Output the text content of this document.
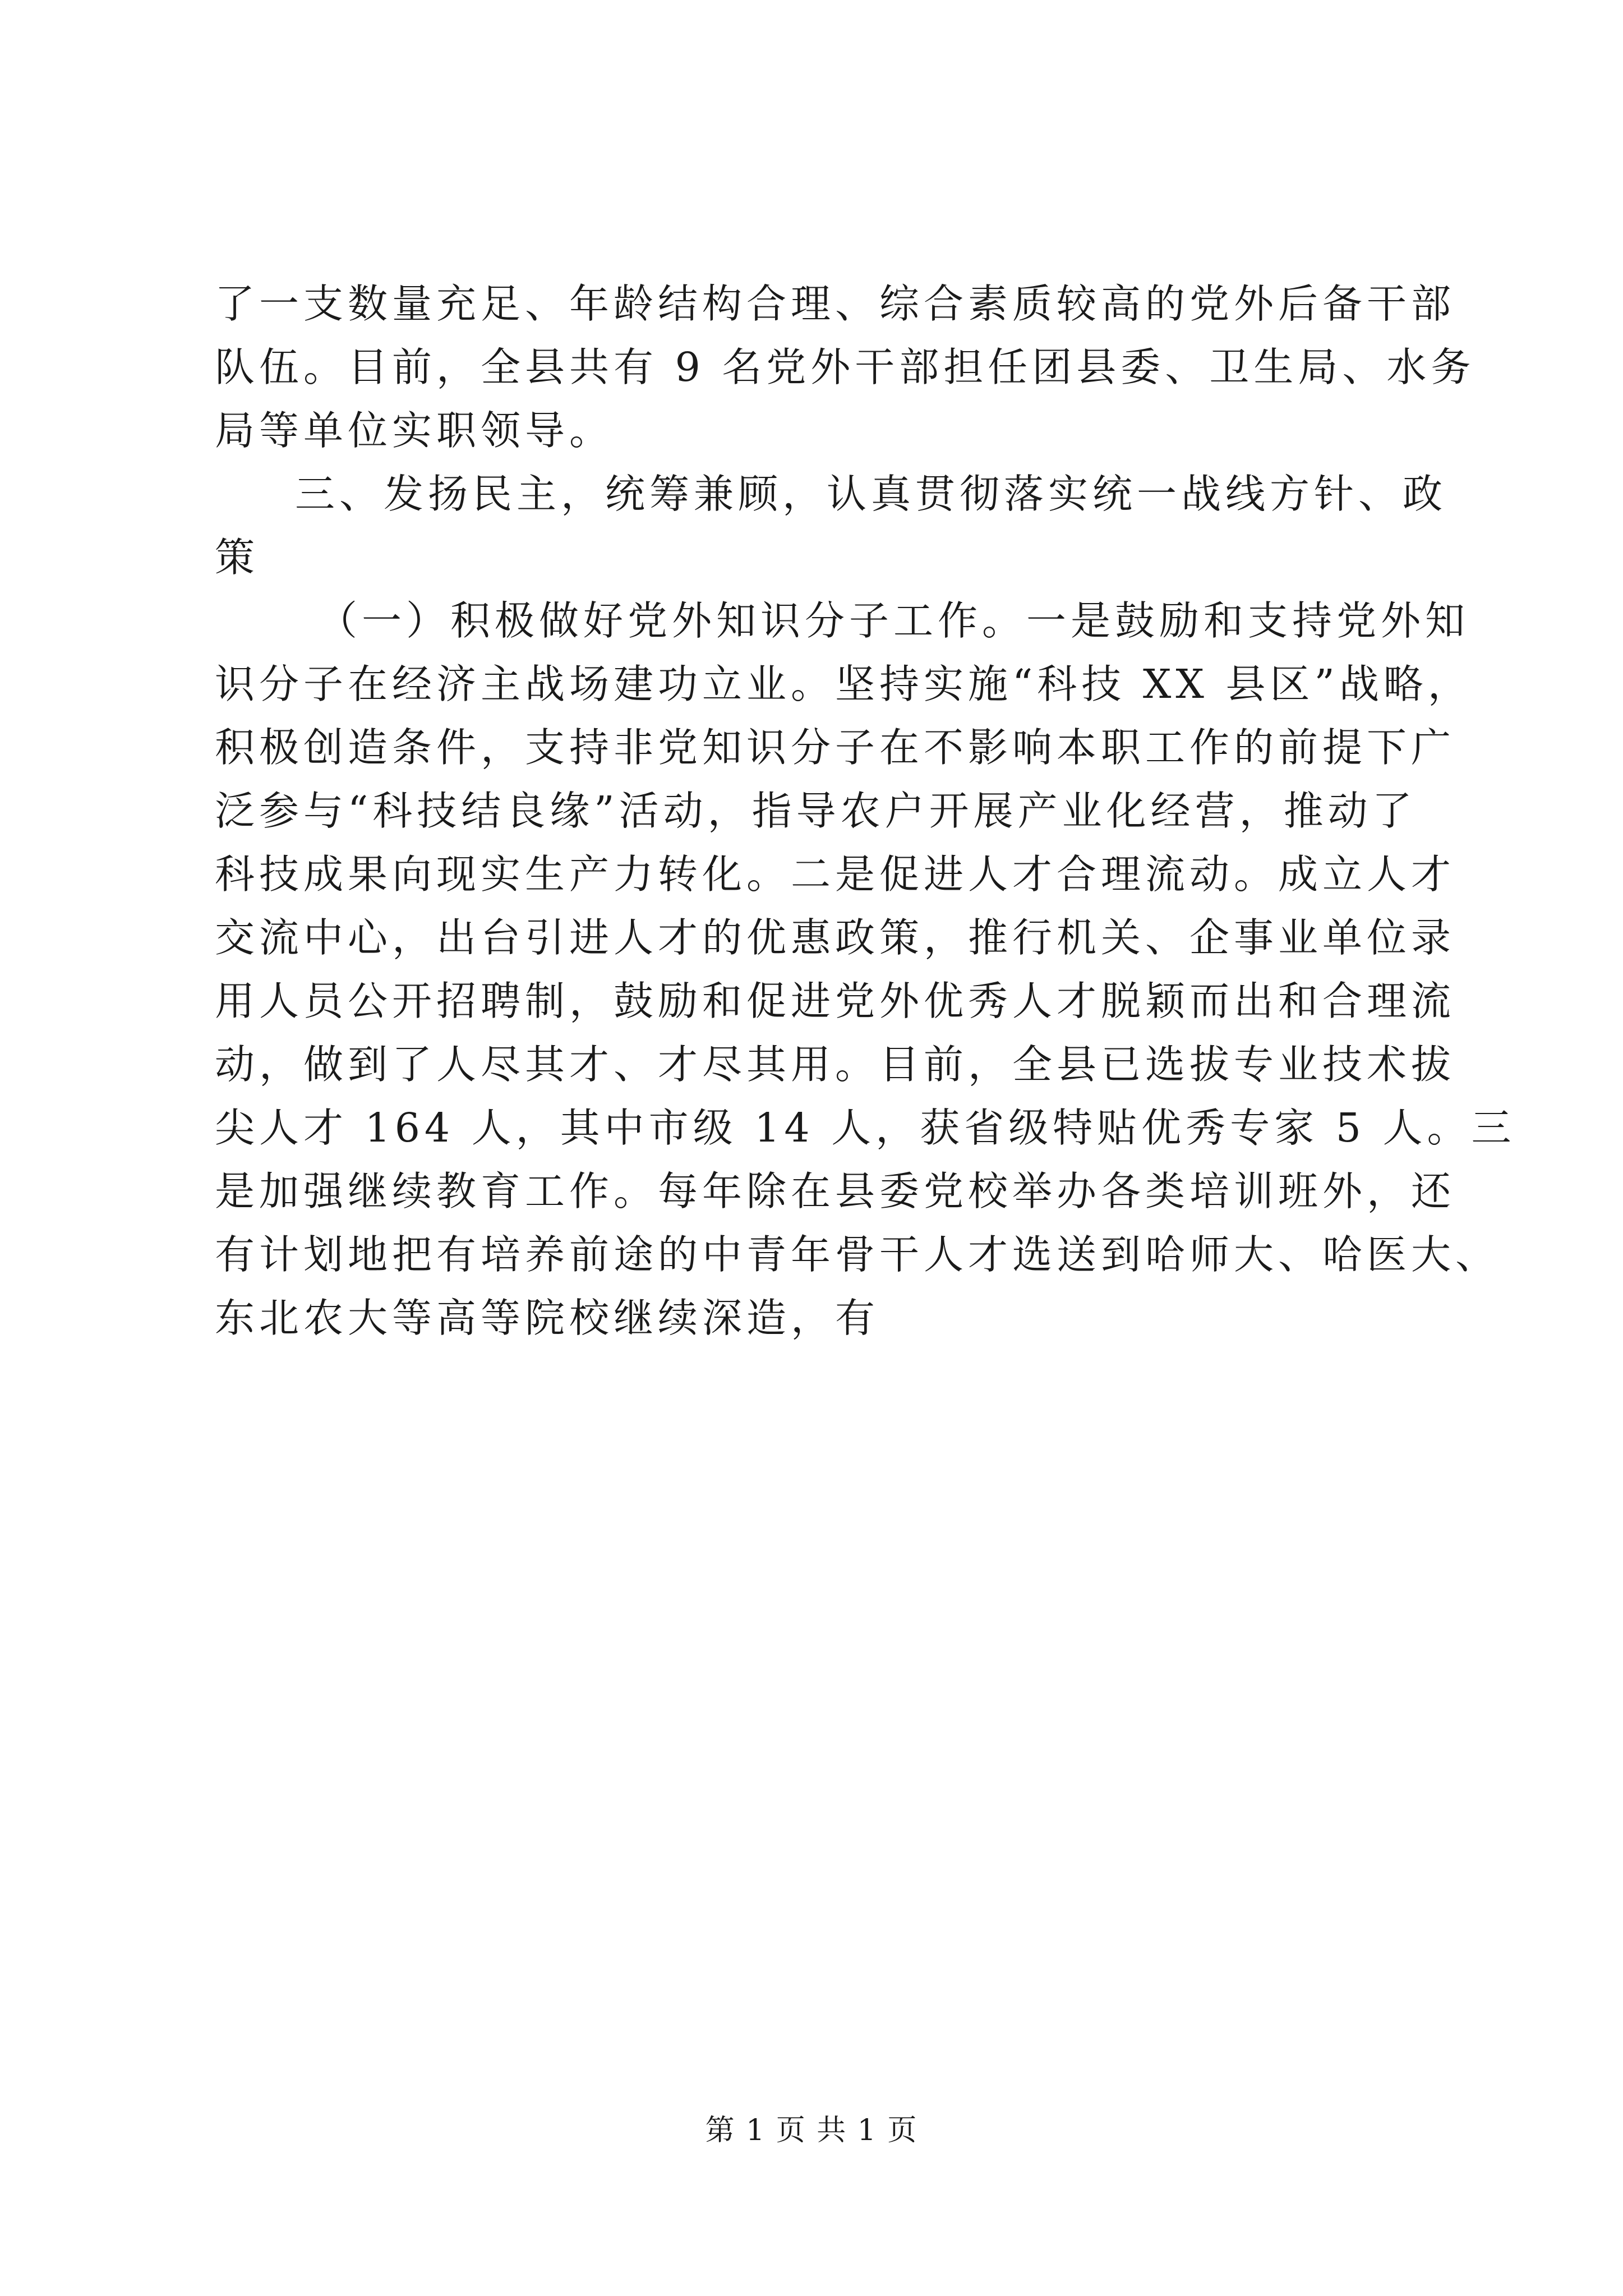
了一支数量充足、年龄结构合理、综合素质较高的党外后备干部
队伍。目前，全县共有 9 名党外干部担任团县委、卫生局、水务
局等单位实职领导。
三、发扬民主，统筹兼顾，认真贯彻落实统一战线方针、政
策
（一）积极做好党外知识分子工作。一是鼓励和支持党外知
识分子在经济主战场建功立业。坚持实施“科技 XX 县区”战略，
积极创造条件，支持非党知识分子在不影响本职工作的前提下广
泛参与“科技结良缘”活动，指导农户开展产业化经营，推动了
科技成果向现实生产力转化。二是促进人才合理流动。成立人才
交流中心，出台引进人才的优惠政策，推行机关、企事业单位录
用人员公开招聘制，鼓励和促进党外优秀人才脱颖而出和合理流
动，做到了人尽其才、才尽其用。目前，全县已选拔专业技术拔
尖人才 164 人，其中市级 14 人，获省级特贴优秀专家 5 人。三
是加强继续教育工作。每年除在县委党校举办各类培训班外，还
有计划地把有培养前途的中青年骨干人才选送到哈师大、哈医大、
东北农大等高等院校继续深造，有
第 1 页 共 1 页
